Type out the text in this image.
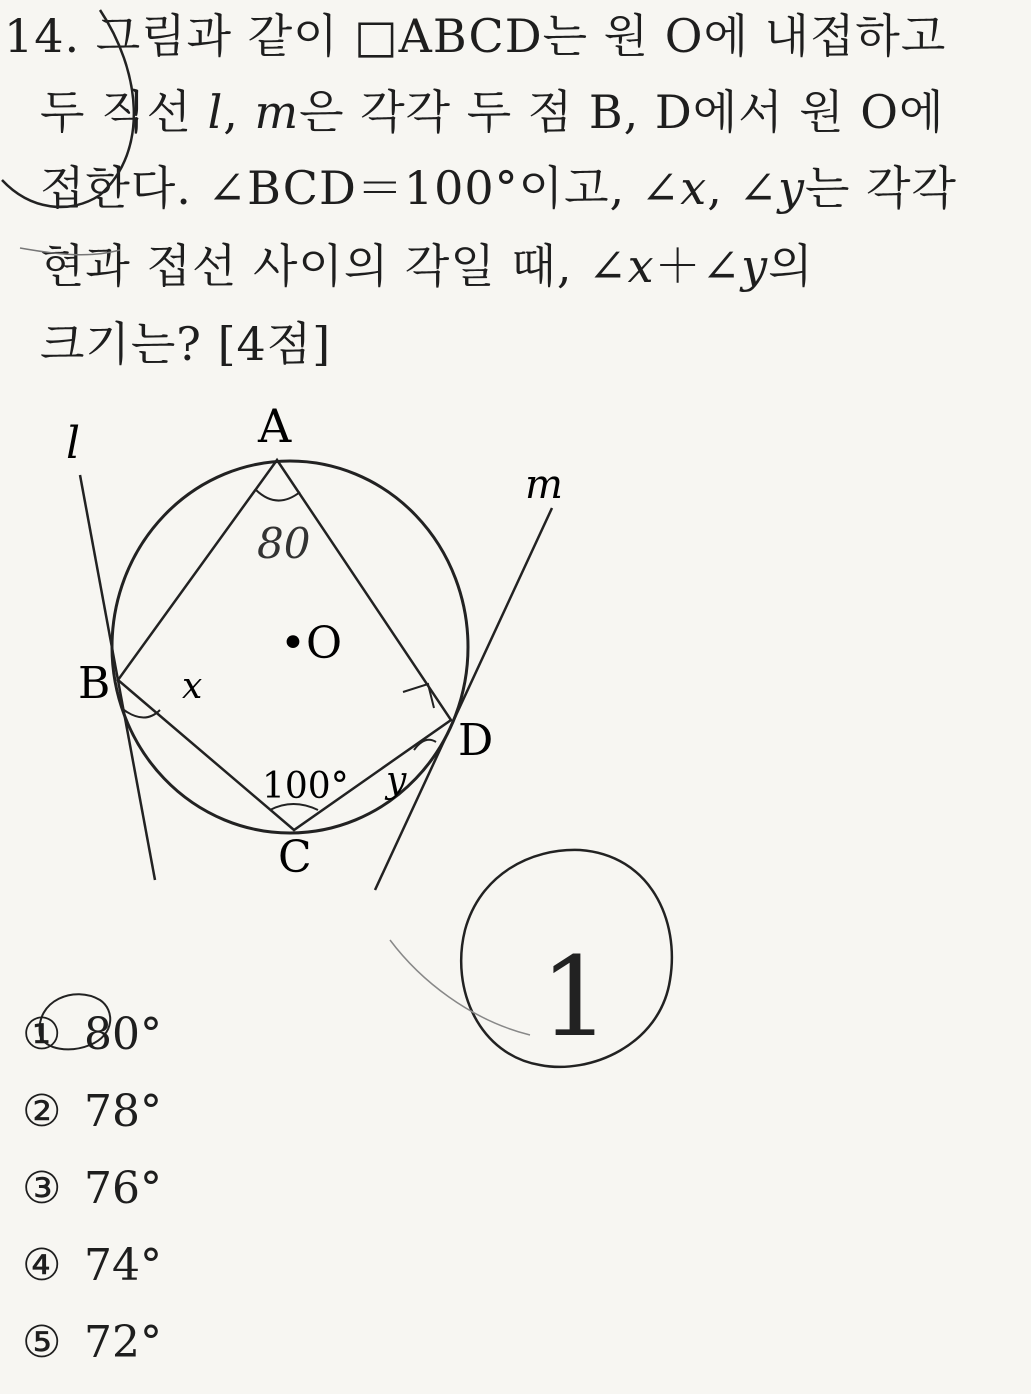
14. 그림과 같이 □ABCD는 원 O에 내접하고
두 직선 l, m은 각각 두 점 B, D에서 원 O에
접한다. ∠BCD＝100°이고, ∠x, ∠y는 각각
현과 접선 사이의 각일 때, ∠x＋∠y의
크기는? [4점]
A
B
C
D
•O
l
m
x
y
100°
80
1
① 80°
② 78°
③ 76°
④ 74°
⑤ 72°
